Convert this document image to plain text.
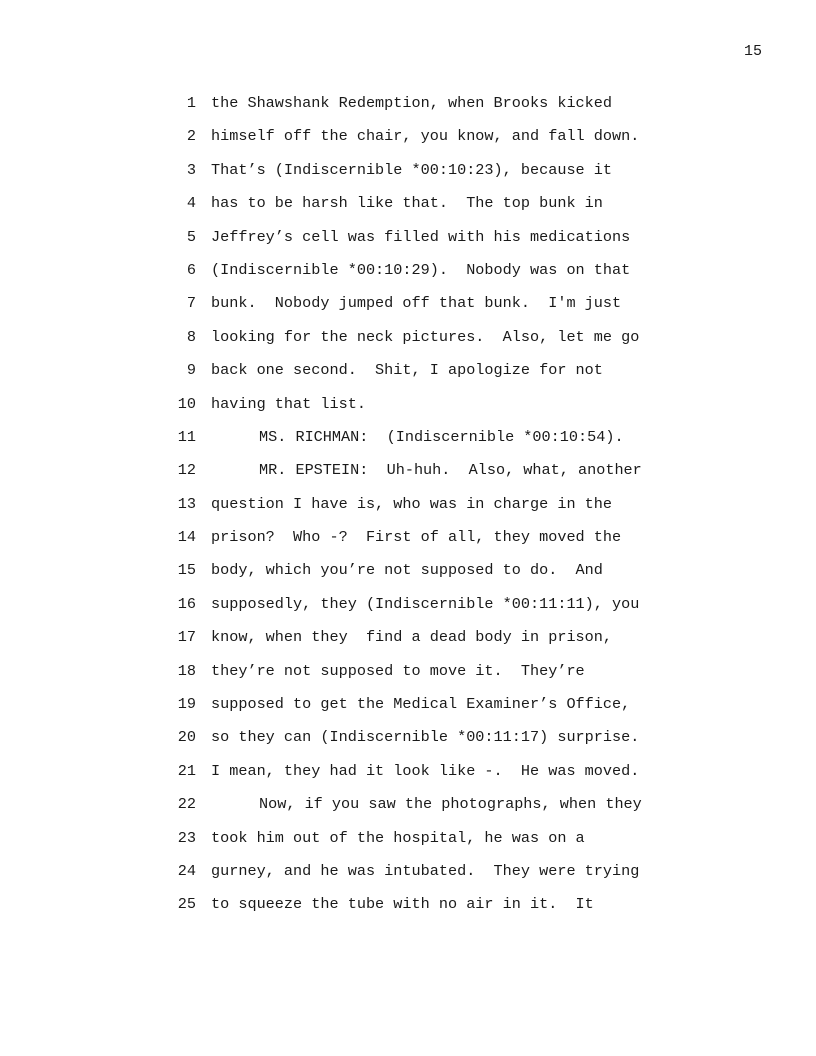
15
1 the Shawshank Redemption, when Brooks kicked
2 himself off the chair, you know, and fall down.
3 That’s (Indiscernible *00:10:23), because it
4 has to be harsh like that.  The top bunk in
5 Jeffrey’s cell was filled with his medications
6 (Indiscernible *00:10:29).  Nobody was on that
7 bunk.  Nobody jumped off that bunk.  I'm just
8 looking for the neck pictures.  Also, let me go
9 back one second.  Shit, I apologize for not
10 having that list.
11	MS. RICHMAN:  (Indiscernible *00:10:54).
12	MR. EPSTEIN:  Uh-huh.  Also, what, another
13 question I have is, who was in charge in the
14 prison?  Who -?  First of all, they moved the
15 body, which you’re not supposed to do.  And
16 supposedly, they (Indiscernible *00:11:11), you
17 know, when they  find a dead body in prison,
18 they’re not supposed to move it.  They’re
19 supposed to get the Medical Examiner’s Office,
20 so they can (Indiscernible *00:11:17) surprise.
21 I mean, they had it look like -.  He was moved.
22	Now, if you saw the photographs, when they
23 took him out of the hospital, he was on a
24 gurney, and he was intubated.  They were trying
25 to squeeze the tube with no air in it.  It
